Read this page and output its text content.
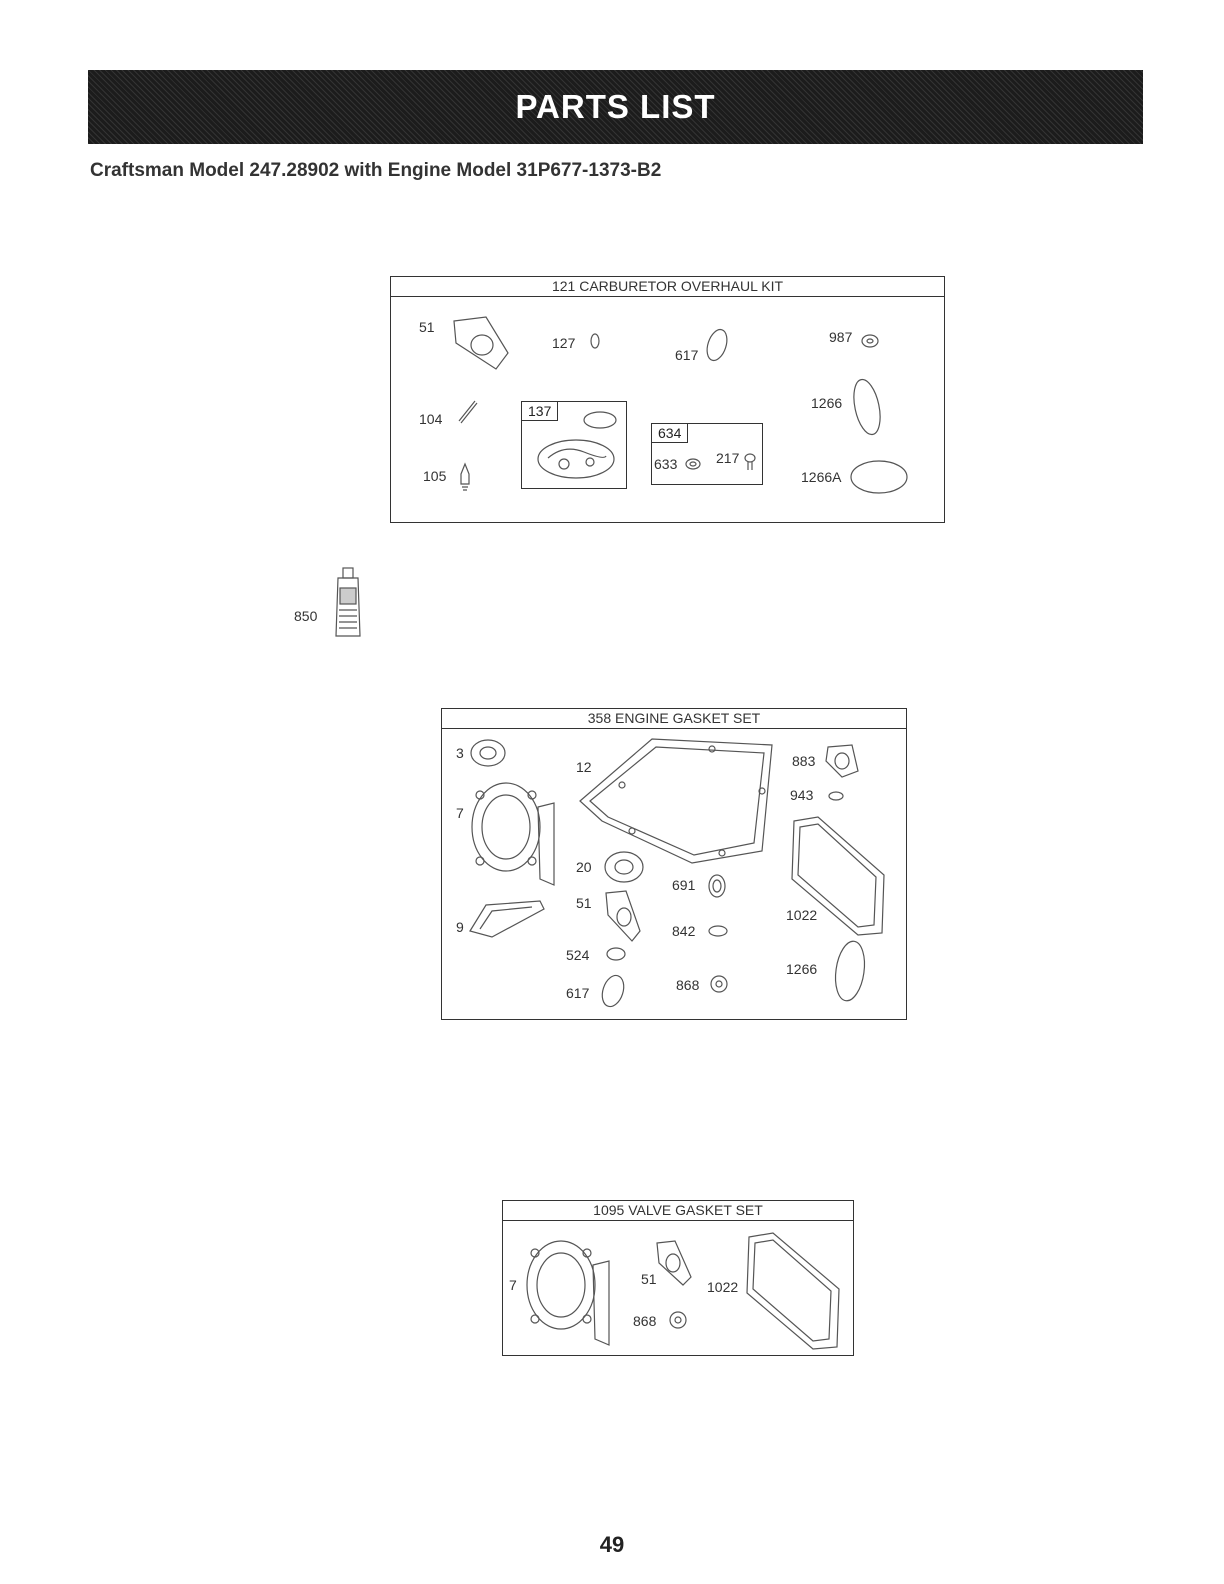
PARTS LIST
Craftsman Model 247.28902 with Engine Model 31P677-1373-B2
121 CARBURETOR OVERHAUL KIT
51
127
617
987
104
105
137
634
633	217
1266
1266A
850
358 ENGINE GASKET SET
3
7
9
12
20
51
524
617
691
842
868
883
943
1022
1266
1095 VALVE GASKET SET
7	51
868
1022
49
